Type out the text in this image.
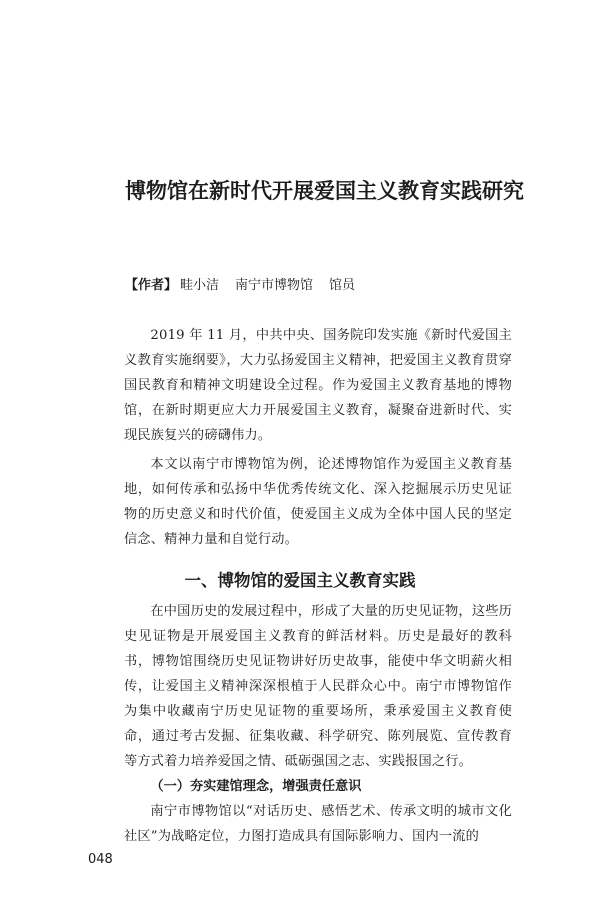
博物馆在新时代开展爱国主义教育实践研究
【作者】 畦小洁 南宁市博物馆 馆员

2019 年 11 月，中共中央、国务院印发实施《新时代爱国主义教育实施纲要》，大力弘扬爱国主义精神，把爱国主义教育贯穿国民教育和精神文明建设全过程。作为爱国主义教育基地的博物馆，在新时期更应大力开展爱国主义教育，凝聚奋进新时代、实现民族复兴的磅礴伟力。

本文以南宁市博物馆为例，论述博物馆作为爱国主义教育基地，如何传承和弘扬中华优秀传统文化、深入挖掘展示历史见证物的历史意义和时代价值，使爱国主义成为全体中国人民的坚定信念、精神力量和自觉行动。

一、博物馆的爱国主义教育实践

在中国历史的发展过程中，形成了大量的历史见证物，这些历史见证物是开展爱国主义教育的鲜活材料。历史是最好的教科书，博物馆围绕历史见证物讲好历史故事，能使中华文明薪火相传，让爱国主义精神深深根植于人民群众心中。南宁市博物馆作为集中收藏南宁历史见证物的重要场所，秉承爱国主义教育使命，通过考古发掘、征集收藏、科学研究、陈列展览、宣传教育等方式着力培养爱国之情、砥砺强国之志、实践报国之行。

（一）夯实建馆理念，增强责任意识

南宁市博物馆以“对话历史、感悟艺术、传承文明的城市文化社区”为战略定位，力图打造成具有国际影响力、国内一流的

048
